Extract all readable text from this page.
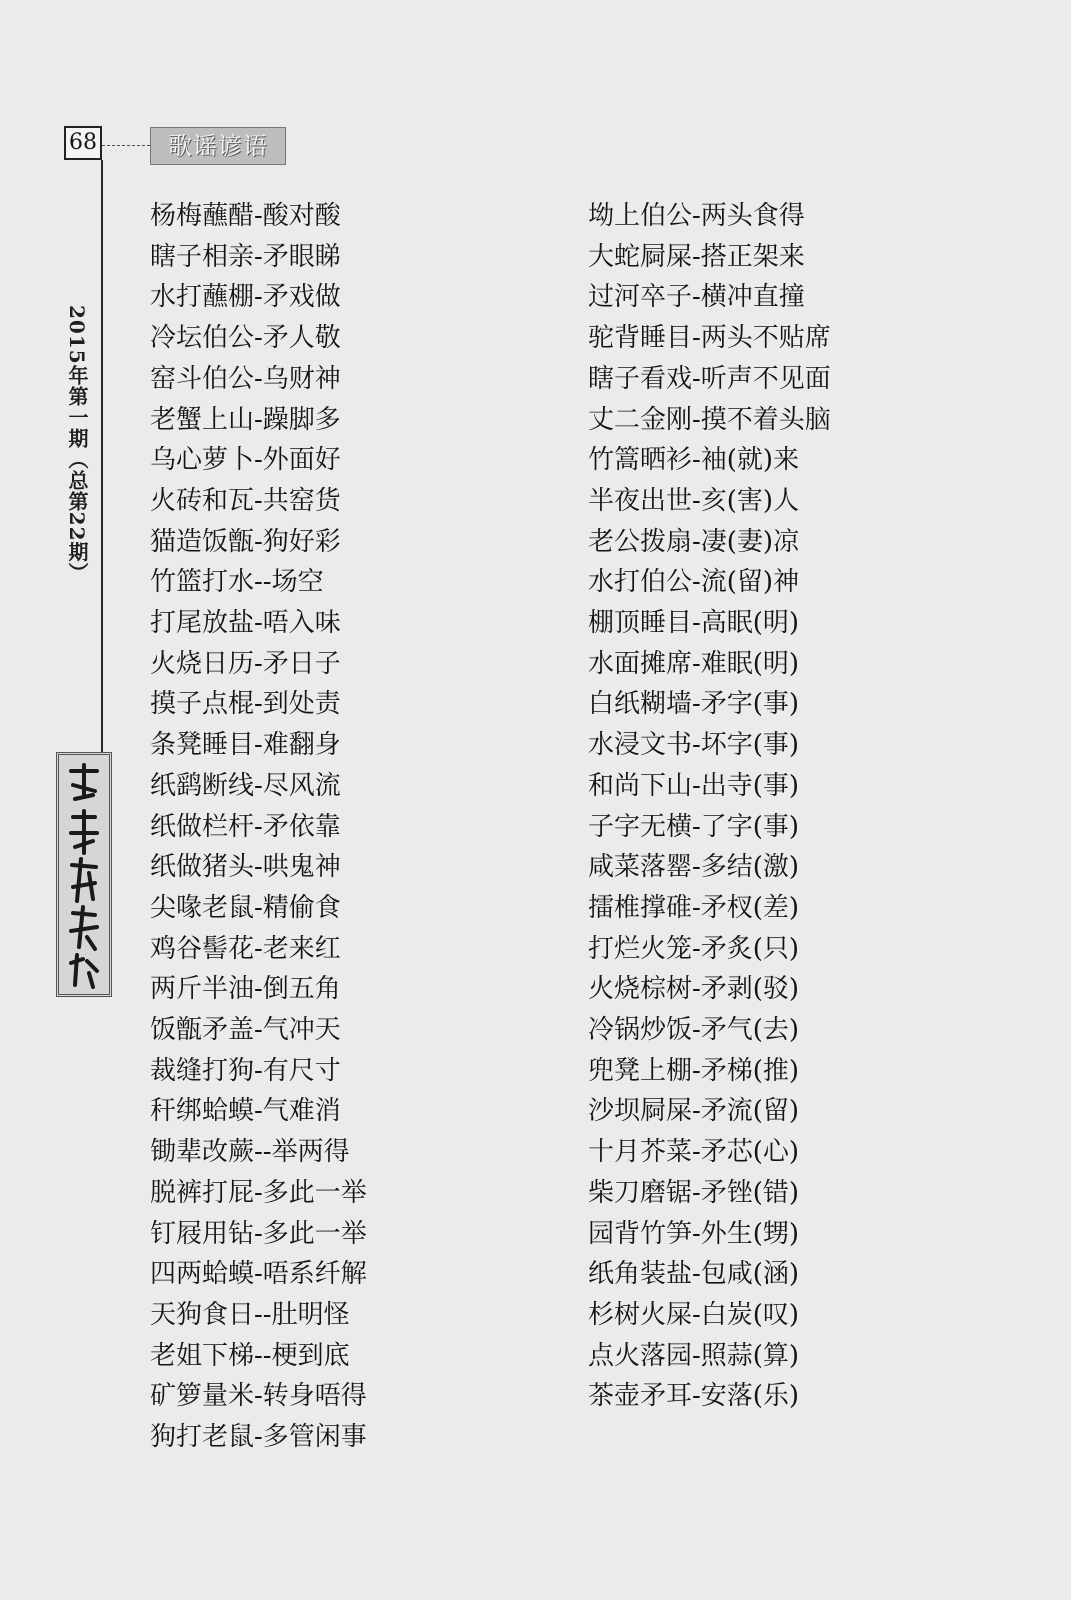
68	歌谣谚语
2015年第一期（总第22期）
杨梅蘸醋-酸对酸
瞎子相亲-矛眼睇
水打蘸棚-矛戏做
冷坛伯公-矛人敬
窑斗伯公-乌财神
老蟹上山-躁脚多
乌心萝卜-外面好
火砖和瓦-共窑货
猫造饭甑-狗好彩
竹篮打水--场空
打尾放盐-唔入味
火烧日历-矛日子
摸子点棍-到处责
条凳睡目-难翻身
纸鹞断线-尽风流
纸做栏杆-矛依靠
纸做猪头-哄鬼神
尖喙老鼠-精偷食
鸡谷髻花-老来红
两斤半油-倒五角
饭甑矛盖-气冲天
裁缝打狗-有尺寸
秆绑蛤蟆-气难消
锄辈改蕨--举两得
脱裤打屁-多此一举
钉屐用钻-多此一举
四两蛤蟆-唔系纤解
天狗食日--肚明怪
老姐下梯--梗到底
矿箩量米-转身唔得
狗打老鼠-多管闲事
坳上伯公-两头食得
大蛇屙屎-搭正架来
过河卒子-横冲直撞
驼背睡目-两头不贴席
瞎子看戏-听声不见面
丈二金刚-摸不着头脑
竹篙晒衫-袖(就)来
半夜出世-亥(害)人
老公拨扇-凄(妻)凉
水打伯公-流(留)神
棚顶睡目-高眠(明)
水面摊席-难眠(明)
白纸糊墙-矛字(事)
水浸文书-坏字(事)
和尚下山-出寺(事)
子字无横-了字(事)
咸菜落罂-多结(激)
擂椎撑碓-矛杈(差)
打烂火笼-矛炙(只)
火烧棕树-矛剥(驳)
冷锅炒饭-矛气(去)
兜凳上棚-矛梯(推)
沙坝屙屎-矛流(留)
十月芥菜-矛芯(心)
柴刀磨锯-矛锉(错)
园背竹笋-外生(甥)
纸角装盐-包咸(涵)
杉树火屎-白炭(叹)
点火落园-照蒜(算)
茶壶矛耳-安落(乐)
